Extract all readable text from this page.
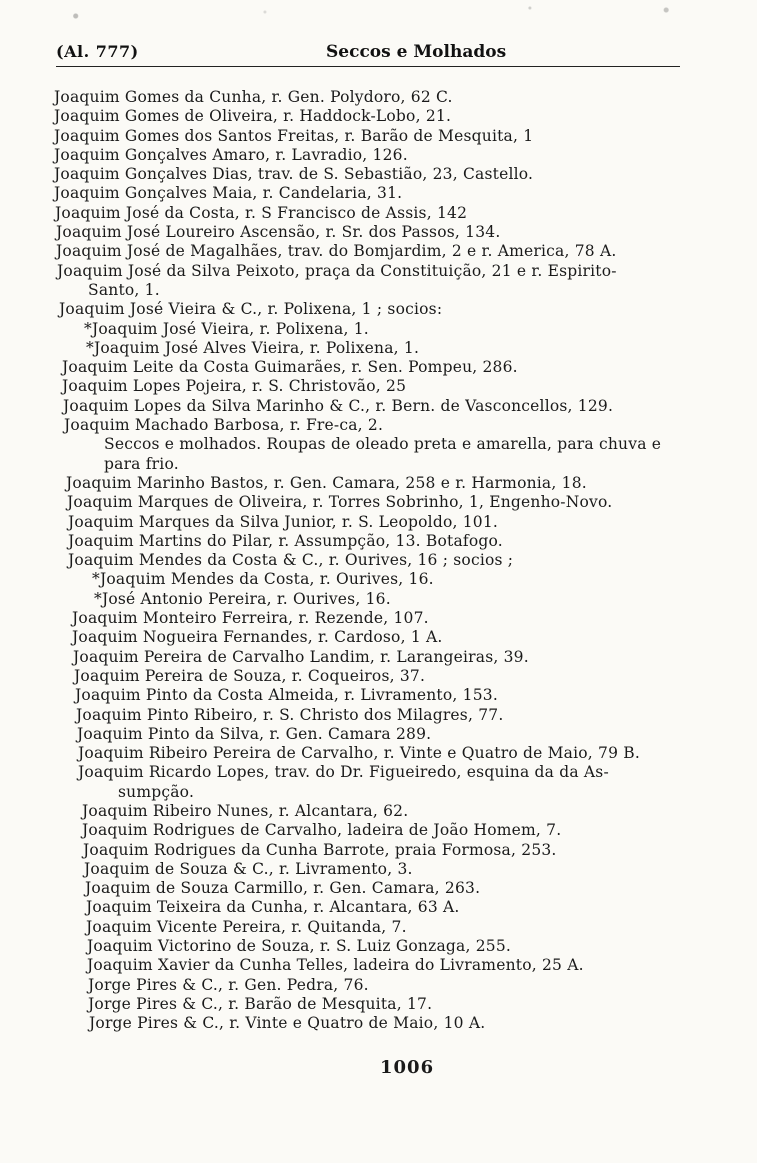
(Al. 777)	Seccos e Molhados
Joaquim Gomes da Cunha, r. Gen. Polydoro, 62 C.
Joaquim Gomes de Oliveira, r. Haddock-Lobo, 21.
Joaquim Gomes dos Santos Freitas, r. Barão de Mesquita, 1
Joaquim Gonçalves Amaro, r. Lavradio, 126.
Joaquim Gonçalves Dias, trav. de S. Sebastião, 23, Castello.
Joaquim Gonçalves Maia, r. Candelaria, 31.
Joaquim José da Costa, r. S Francisco de Assis, 142
Joaquim José Loureiro Ascensão, r. Sr. dos Passos, 134.
Joaquim José de Magalhães, trav. do Bomjardim, 2 e r. America, 78 A.
Joaquim José da Silva Peixoto, praça da Constituição, 21 e r. Espirito-
Santo, 1.
Joaquim José Vieira & C., r. Polixena, 1 ; socios:
*Joaquim José Vieira, r. Polixena, 1.
*Joaquim José Alves Vieira, r. Polixena, 1.
Joaquim Leite da Costa Guimarães, r. Sen. Pompeu, 286.
Joaquim Lopes Pojeira, r. S. Christovão, 25
Joaquim Lopes da Silva Marinho & C., r. Bern. de Vasconcellos, 129.
Joaquim Machado Barbosa, r. Fre-ca, 2.
Seccos e molhados. Roupas de oleado preta e amarella, para chuva e
para frio.
Joaquim Marinho Bastos, r. Gen. Camara, 258 e r. Harmonia, 18.
Joaquim Marques de Oliveira, r. Torres Sobrinho, 1, Engenho-Novo.
Joaquim Marques da Silva Junior, r. S. Leopoldo, 101.
Joaquim Martins do Pilar, r. Assumpção, 13. Botafogo.
Joaquim Mendes da Costa & C., r. Ourives, 16 ; socios ;
*Joaquim Mendes da Costa, r. Ourives, 16.
*José Antonio Pereira, r. Ourives, 16.
Joaquim Monteiro Ferreira, r. Rezende, 107.
Joaquim Nogueira Fernandes, r. Cardoso, 1 A.
Joaquim Pereira de Carvalho Landim, r. Larangeiras, 39.
Joaquim Pereira de Souza, r. Coqueiros, 37.
Joaquim Pinto da Costa Almeida, r. Livramento, 153.
Joaquim Pinto Ribeiro, r. S. Christo dos Milagres, 77.
Joaquim Pinto da Silva, r. Gen. Camara 289.
Joaquim Ribeiro Pereira de Carvalho, r. Vinte e Quatro de Maio, 79 B.
Joaquim Ricardo Lopes, trav. do Dr. Figueiredo, esquina da da As-
sumpção.
Joaquim Ribeiro Nunes, r. Alcantara, 62.
Joaquim Rodrigues de Carvalho, ladeira de João Homem, 7.
Joaquim Rodrigues da Cunha Barrote, praia Formosa, 253.
Joaquim de Souza & C., r. Livramento, 3.
Joaquim de Souza Carmillo, r. Gen. Camara, 263.
Joaquim Teixeira da Cunha, r. Alcantara, 63 A.
Joaquim Vicente Pereira, r. Quitanda, 7.
Joaquim Victorino de Souza, r. S. Luiz Gonzaga, 255.
Joaquim Xavier da Cunha Telles, ladeira do Livramento, 25 A.
Jorge Pires & C., r. Gen. Pedra, 76.
Jorge Pires & C., r. Barão de Mesquita, 17.
Jorge Pires & C., r. Vinte e Quatro de Maio, 10 A.
1006
